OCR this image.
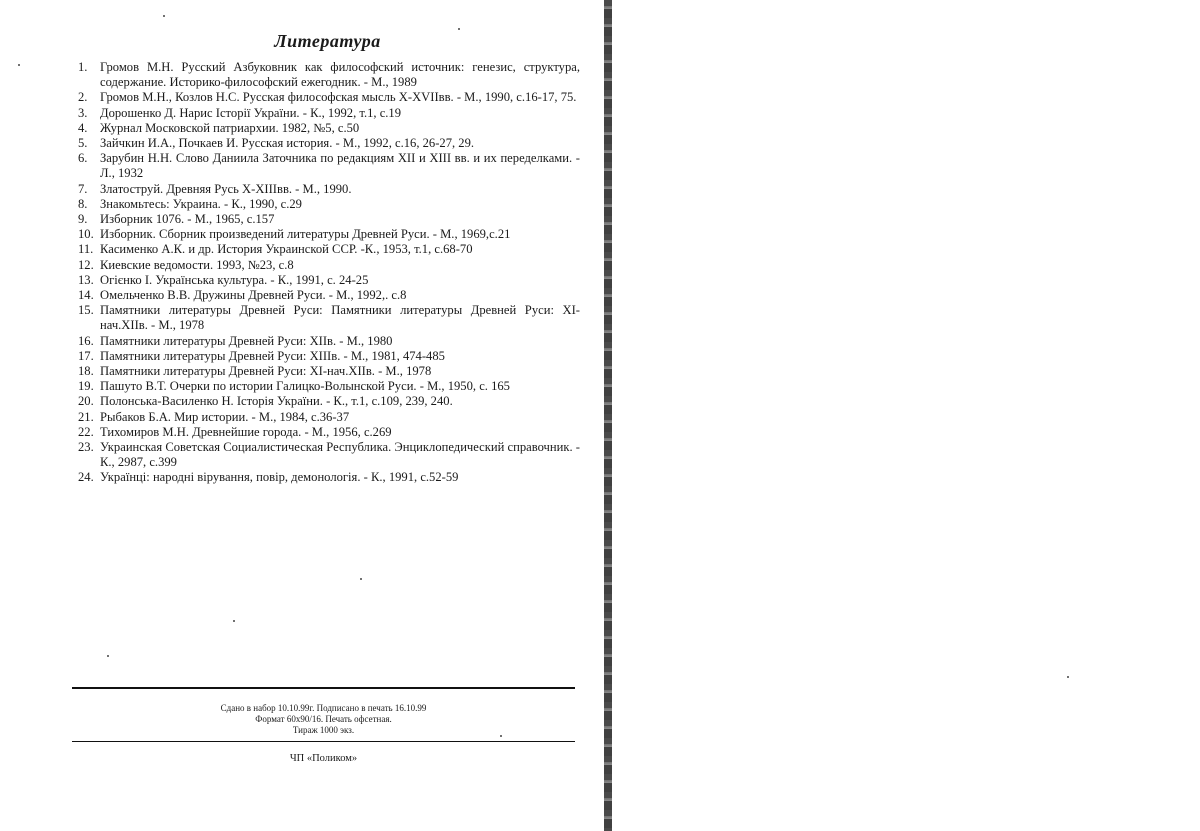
Литература
1. Громов М.Н. Русский Азбуковник как философский источник: генезис, структура, содержание. Историко-философский ежегодник. - М., 1989
2. Громов М.Н., Козлов Н.С. Русская философская мысль X-XVIIвв. - М., 1990, с.16-17, 75.
3. Дорошенко Д. Нарис Історії України. - К., 1992, т.1, с.19
4. Журнал Московской патриархии. 1982, №5, с.50
5. Зайчкин И.А., Почкаев И. Русская история. - М., 1992, с.16, 26-27, 29.
6. Зарубин Н.Н. Слово Даниила Заточника по редакциям XII и XIII вв. и их переделками. - Л., 1932
7. Златоструй. Древняя Русь X-XIIIвв. - М., 1990.
8. Знакомьтесь: Украина. - К., 1990, с.29
9. Изборник 1076. - М., 1965, с.157
10. Изборник. Сборник произведений литературы Древней Руси. - М., 1969,с.21
11. Касименко А.К. и др. История Украинской ССР. -К., 1953, т.1, с.68-70
12. Киевские ведомости. 1993, №23, с.8
13. Огієнко І. Українська культура. - К., 1991, с. 24-25
14. Омельченко В.В. Дружины Древней Руси. - М., 1992,. с.8
15. Памятники литературы Древней Руси: Памятники литературы Древней Руси: XI-нач.XIIв. - М., 1978
16. Памятники литературы Древней Руси: XIIв. - М., 1980
17. Памятники литературы Древней Руси: XIIIв. - М., 1981, 474-485
18. Памятники литературы Древней Руси: XI-нач.XIIв. - М., 1978
19. Пашуто В.Т. Очерки по истории Галицко-Волынской Руси. - М., 1950, с. 165
20. Полонська-Василенко Н. Історія України. - К., т.1, с.109, 239, 240.
21. Рыбаков Б.А. Мир истории. - М., 1984, с.36-37
22. Тихомиров М.Н. Древнейшие города. - М., 1956, с.269
23. Украинская Советская Социалистическая Республика. Энциклопедический справочник. - К., 2987, с.399
24. Українці: народні вірування, повір, демонологія. - К., 1991, с.52-59
Сдано в набор 10.10.99г. Подписано в печать 16.10.99
Формат 60х90/16. Печать офсетная.
Тираж 1000 экз.
ЧП «Поликом»
